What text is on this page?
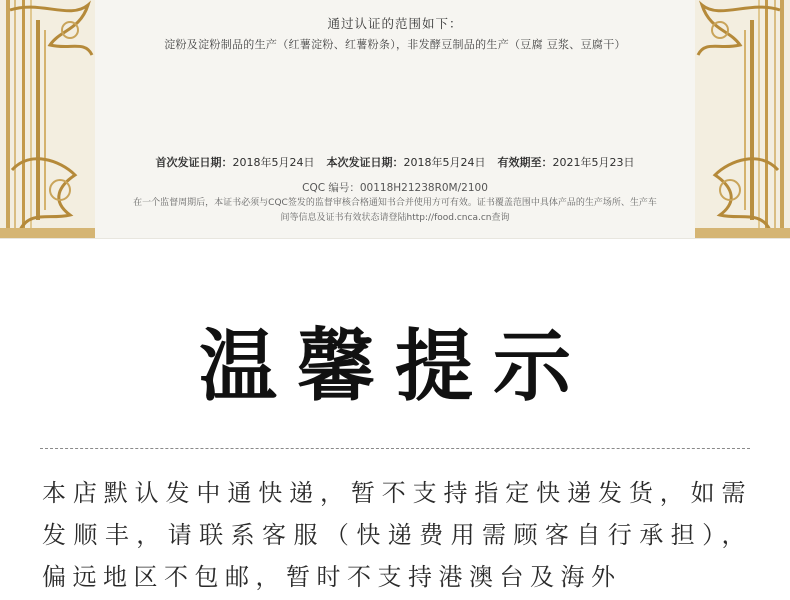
通过认证的范围如下：
淀粉及淀粉制品的生产（红薯淀粉、红薯粉条），非发酵豆制品的生产（豆腐 豆浆、豆腐干）
首次发证日期：2018年5月24日 本次发证日期：2018年5月24日 有效期至：2021年5月23日
CQC 编号：00118H21238R0M/2100
在一个监督周期后，本证书必须与CQC签发的监督审核合格通知书合并使用方可有效。证书覆盖范围中具体产品的生产场所、生产车
间等信息及证书有效状态请登陆http://food.cnca.cn查询
温馨提示
本店默认发中通快递，暂不支持指定快递发货，如需发顺丰，请联系客服（快递费用需顾客自行承担），偏远地区不包邮，暂时不支持港澳台及海外
